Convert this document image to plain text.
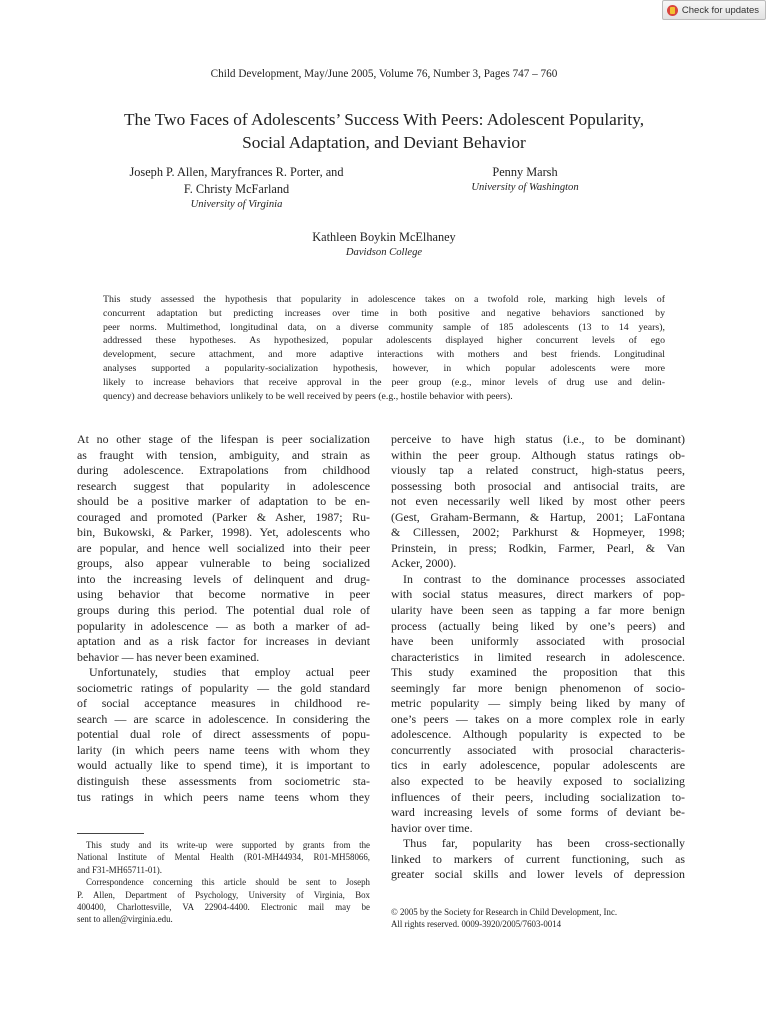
Check for updates
Child Development, May/June 2005, Volume 76, Number 3, Pages 747 – 760
The Two Faces of Adolescents’ Success With Peers: Adolescent Popularity,
Social Adaptation, and Deviant Behavior
Joseph P. Allen, Maryfrances R. Porter, and
F. Christy McFarland
University of Virginia
Penny Marsh
University of Washington
Kathleen Boykin McElhaney
Davidson College
This study assessed the hypothesis that popularity in adolescence takes on a twofold role, marking high levels of
concurrent adaptation but predicting increases over time in both positive and negative behaviors sanctioned by
peer norms. Multimethod, longitudinal data, on a diverse community sample of 185 adolescents (13 to 14 years),
addressed these hypotheses. As hypothesized, popular adolescents displayed higher concurrent levels of ego
development, secure attachment, and more adaptive interactions with mothers and best friends. Longitudinal
analyses supported a popularity-socialization hypothesis, however, in which popular adolescents were more
likely to increase behaviors that receive approval in the peer group (e.g., minor levels of drug use and delin-
quency) and decrease behaviors unlikely to be well received by peers (e.g., hostile behavior with peers).
At no other stage of the lifespan is peer socialization
as fraught with tension, ambiguity, and strain as
during adolescence. Extrapolations from childhood
research suggest that popularity in adolescence
should be a positive marker of adaptation to be en-
couraged and promoted (Parker & Asher, 1987; Ru-
bin, Bukowski, & Parker, 1998). Yet, adolescents who
are popular, and hence well socialized into their peer
groups, also appear vulnerable to being socialized
into the increasing levels of delinquent and drug-
using behavior that become normative in peer
groups during this period. The potential dual role of
popularity in adolescence — as both a marker of ad-
aptation and as a risk factor for increases in deviant
behavior — has never been examined.
Unfortunately, studies that employ actual peer
sociometric ratings of popularity — the gold standard
of social acceptance measures in childhood re-
search — are scarce in adolescence. In considering the
potential dual role of direct assessments of popu-
larity (in which peers name teens with whom they
would actually like to spend time), it is important to
distinguish these assessments from sociometric sta-
tus ratings in which peers name teens whom they
perceive to have high status (i.e., to be dominant)
within the peer group. Although status ratings ob-
viously tap a related construct, high-status peers,
possessing both prosocial and antisocial traits, are
not even necessarily well liked by most other peers
(Gest, Graham-Bermann, & Hartup, 2001; LaFontana
& Cillessen, 2002; Parkhurst & Hopmeyer, 1998;
Prinstein, in press; Rodkin, Farmer, Pearl, & Van
Acker, 2000).
In contrast to the dominance processes associated
with social status measures, direct markers of pop-
ularity have been seen as tapping a far more benign
process (actually being liked by one’s peers) and
have been uniformly associated with prosocial
characteristics in limited research in adolescence.
This study examined the proposition that this
seemingly far more benign phenomenon of socio-
metric popularity — simply being liked by many of
one’s peers — takes on a more complex role in early
adolescence. Although popularity is expected to be
concurrently associated with prosocial characteris-
tics in early adolescence, popular adolescents are
also expected to be heavily exposed to socializing
influences of their peers, including socialization to-
ward increasing levels of some forms of deviant be-
havior over time.
Thus far, popularity has been cross-sectionally
linked to markers of current functioning, such as
greater social skills and lower levels of depression
This study and its write-up were supported by grants from the
National Institute of Mental Health (R01-MH44934, R01-MH58066,
and F31-MH65711-01).
Correspondence concerning this article should be sent to Joseph
P. Allen, Department of Psychology, University of Virginia, Box
400400, Charlottesville, VA 22904-4400. Electronic mail may be
sent to allen@virginia.edu.
© 2005 by the Society for Research in Child Development, Inc.
All rights reserved. 0009-3920/2005/7603-0014
